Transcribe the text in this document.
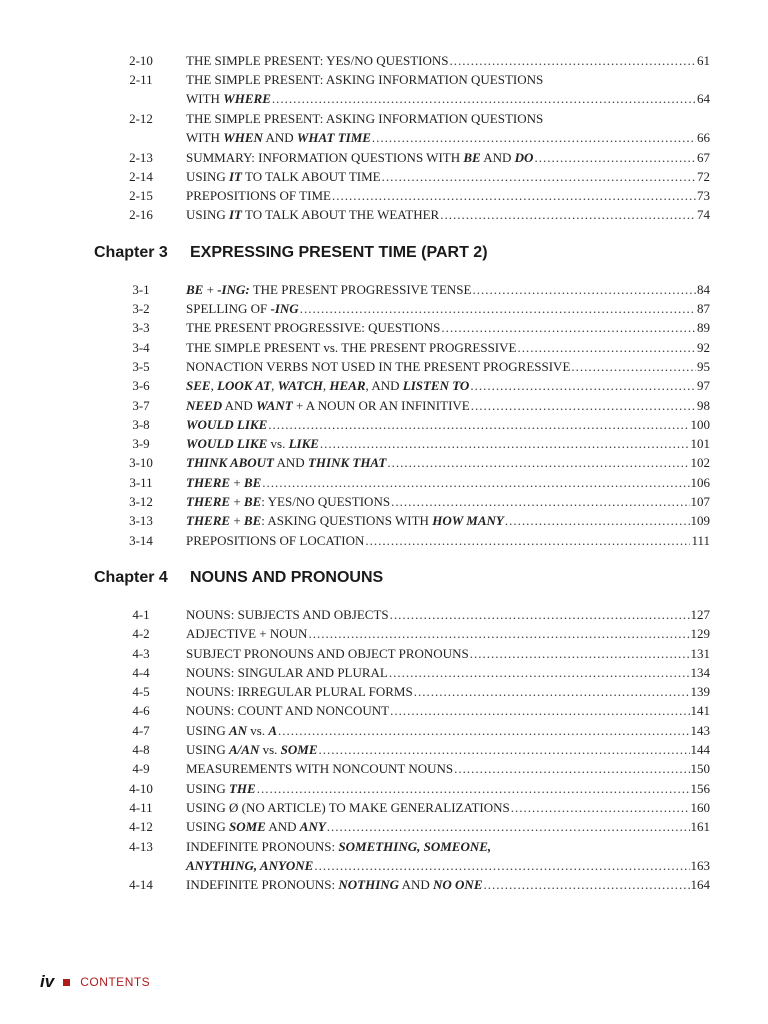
2-10	THE SIMPLE PRESENT: YES/NO QUESTIONS .....	61
2-11	THE SIMPLE PRESENT: ASKING INFORMATION QUESTIONS
WITH WHERE .....	64
2-12	THE SIMPLE PRESENT: ASKING INFORMATION QUESTIONS
WITH WHEN AND WHAT TIME .....	66
2-13	SUMMARY: INFORMATION QUESTIONS WITH BE AND DO .....	67
2-14	USING IT TO TALK ABOUT TIME .....	72
2-15	PREPOSITIONS OF TIME .....	73
2-16	USING IT TO TALK ABOUT THE WEATHER .....	74
Chapter 3 EXPRESSING PRESENT TIME (PART 2)
3-1	BE + -ING: THE PRESENT PROGRESSIVE TENSE .....	84
3-2	SPELLING OF -ING .....	87
3-3	THE PRESENT PROGRESSIVE: QUESTIONS .....	89
3-4	THE SIMPLE PRESENT vs. THE PRESENT PROGRESSIVE .....	92
3-5	NONACTION VERBS NOT USED IN THE PRESENT PROGRESSIVE .....	95
3-6	SEE, LOOK AT, WATCH, HEAR, AND LISTEN TO .....	97
3-7	NEED AND WANT + A NOUN OR AN INFINITIVE .....	98
3-8	WOULD LIKE .....	100
3-9	WOULD LIKE vs. LIKE .....	101
3-10	THINK ABOUT AND THINK THAT .....	102
3-11	THERE + BE .....	106
3-12	THERE + BE: YES/NO QUESTIONS .....	107
3-13	THERE + BE: ASKING QUESTIONS WITH HOW MANY .....	109
3-14	PREPOSITIONS OF LOCATION .....	111
Chapter 4 NOUNS AND PRONOUNS
4-1	NOUNS: SUBJECTS AND OBJECTS .....	127
4-2	ADJECTIVE + NOUN .....	129
4-3	SUBJECT PRONOUNS AND OBJECT PRONOUNS .....	131
4-4	NOUNS: SINGULAR AND PLURAL .....	134
4-5	NOUNS: IRREGULAR PLURAL FORMS .....	139
4-6	NOUNS: COUNT AND NONCOUNT .....	141
4-7	USING AN vs. A .....	143
4-8	USING A/AN vs. SOME .....	144
4-9	MEASUREMENTS WITH NONCOUNT NOUNS .....	150
4-10	USING THE .....	156
4-11	USING Ø (NO ARTICLE) TO MAKE GENERALIZATIONS .....	160
4-12	USING SOME AND ANY .....	161
4-13	INDEFINITE PRONOUNS: SOMETHING, SOMEONE,
ANYTHING, ANYONE .....	163
4-14	INDEFINITE PRONOUNS: NOTHING AND NO ONE .....	164
iv CONTENTS
